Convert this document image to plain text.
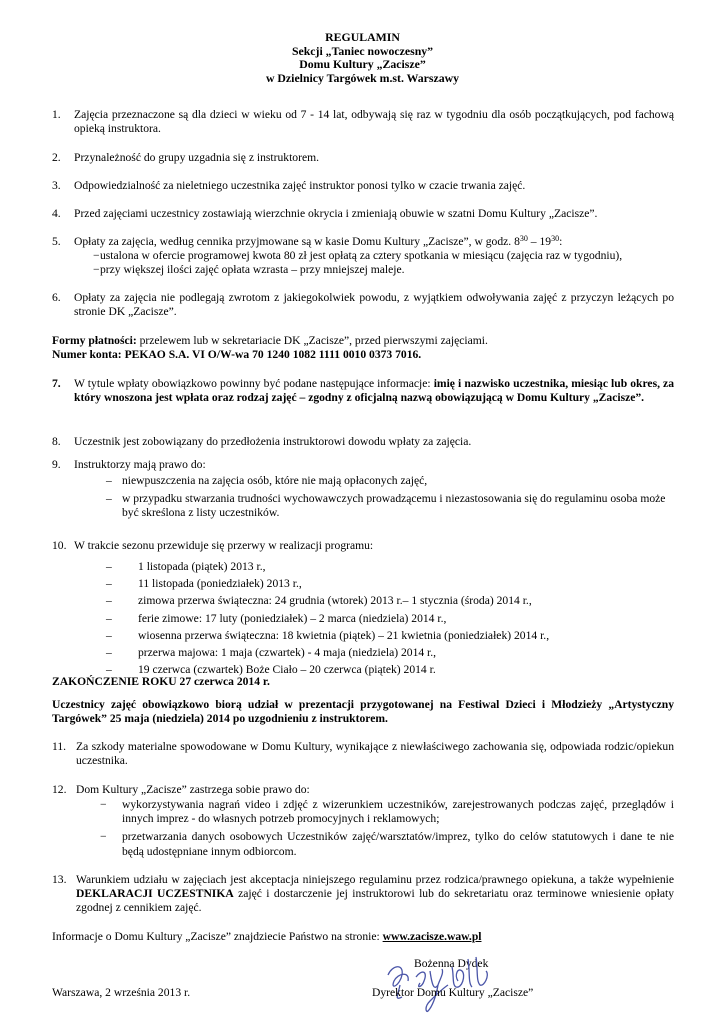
REGULAMIN
Sekcji „Taniec nowoczesny”
Domu Kultury „Zacisze”
w Dzielnicy Targówek m.st. Warszawy
1. Zajęcia przeznaczone są dla dzieci w wieku od 7 - 14 lat, odbywają się raz w tygodniu dla osób początkujących, pod fachową opieką instruktora.
2. Przynależność do grupy uzgadnia się z instruktorem.
3. Odpowiedzialność za nieletniego uczestnika zajęć instruktor ponosi tylko w czacie trwania zajęć.
4. Przed zajęciami uczestnicy zostawiają wierzchnie okrycia i zmieniają obuwie w szatni Domu Kultury „Zacisze”.
5. Opłaty za zajęcia, według cennika przyjmowane są w kasie Domu Kultury „Zacisze”, w godz. $8^{30} - 19^{30}$:
− ustalona w ofercie programowej kwota 80 zł jest opłatą za cztery spotkania w miesiącu (zajęcia raz w tygodniu),
− przy większej ilości zajęć opłata wzrasta – przy mniejszej maleje.
6. Opłaty za zajęcia nie podlegają zwrotom z jakiegokolwiek powodu, z wyjątkiem odwoływania zajęć z przyczyn leżących po stronie DK „Zacisze”.
Formy płatności: przelewem lub w sekretariacie DK „Zacisze”, przed pierwszymi zajęciami.
Numer konta: PEKAO S.A. VI O/W-wa 70 1240 1082 1111 0010 0373 7016.
7. W tytule wpłaty obowiązkowo powinny być podane następujące informacje: imię i nazwisko uczestnika, miesiąc lub okres, za który wnoszona jest wpłata oraz rodzaj zajęć – zgodny z oficjalną nazwą obowiązującą w Domu Kultury „Zacisze”.
8. Uczestnik jest zobowiązany do przedłożenia instruktorowi dowodu wpłaty za zajęcia.
9. Instruktorzy mają prawo do:
– niewpuszczenia na zajęcia osób, które nie mają opłaconych zajęć,
– w przypadku stwarzania trudności wychowawczych prowadzącemu i niezastosowania się do regulaminu osoba może być skreślona z listy uczestników.
10. W trakcie sezonu przewiduje się przerwy w realizacji programu:
– 1 listopada (piątek) 2013 r.,
– 11 listopada (poniedziałek) 2013 r.,
– zimowa przerwa świąteczna: 24 grudnia (wtorek) 2013 r.– 1 stycznia (środa) 2014 r.,
– ferie zimowe: 17 luty (poniedziałek) – 2 marca (niedziela) 2014 r.,
– wiosenna przerwa świąteczna: 18 kwietnia (piątek) – 21 kwietnia (poniedziałek) 2014 r.,
– przerwa majowa: 1 maja (czwartek) - 4 maja (niedziela) 2014 r.,
– 19 czerwca (czwartek) Boże Ciało – 20 czerwca (piątek) 2014 r.
ZAKOŃCZENIE ROKU 27 czerwca 2014 r.
Uczestnicy zajęć obowiązkowo biorą udział w prezentacji przygotowanej na Festiwal Dzieci i Młodzieży „Artystyczny Targówek” 25 maja (niedziela) 2014 po uzgodnieniu z instruktorem.
11. Za szkody materialne spowodowane w Domu Kultury, wynikające z niewłaściwego zachowania się, odpowiada rodzic/opiekun uczestnika.
12. Dom Kultury „Zacisze” zastrzega sobie prawo do:
− wykorzystywania nagrań video i zdjęć z wizerunkiem uczestników, zarejestrowanych podczas zajęć, przeglądów i innych imprez - do własnych potrzeb promocyjnych i reklamowych;
− przetwarzania danych osobowych Uczestników zajęć/warsztatów/imprez, tylko do celów statutowych i dane te nie będą udostępniane innym odbiorcom.
13. Warunkiem udziału w zajęciach jest akceptacja niniejszego regulaminu przez rodzica/prawnego opiekuna, a także wypełnienie DEKLARACJI UCZESTNIKA zajęć i dostarczenie jej instruktorowi lub do sekretariatu oraz terminowe wniesienie opłaty zgodnej z cennikiem zajęć.
Informacje o Domu Kultury „Zacisze” znajdziecie Państwo na stronie: www.zacisze.waw.pl
Bożenna Dydek
Warszawa, 2 września 2013 r.	Dyrektor Domu Kultury „Zacisze”
